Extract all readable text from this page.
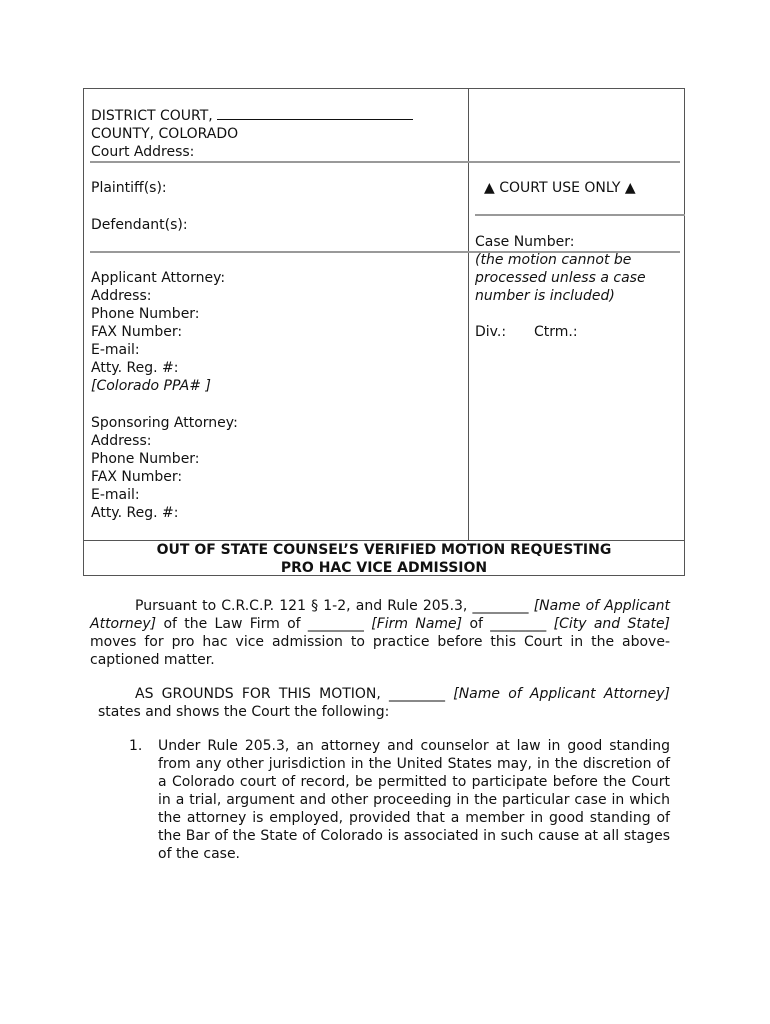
DISTRICT COURT,
COUNTY, COLORADO
Court Address:
Plaintiff(s):
Defendant(s):
Applicant Attorney:
Address:
Phone Number:
FAX Number:
E-mail:
Atty. Reg. #:
[Colorado PPA# ]
Sponsoring Attorney:
Address:
Phone Number:
FAX Number:
E-mail:
Atty. Reg. #:
▲ COURT USE ONLY ▲
Case Number:
(the motion cannot be
processed unless a case
number is included)
Div.: Ctrm.:
OUT OF STATE COUNSEL’S VERIFIED MOTION REQUESTING
PRO HAC VICE ADMISSION

Pursuant to C.R.C.P. 121 § 1-2, and Rule 205.3, ________ [Name of Applicant Attorney] of the Law Firm of ________ [Firm Name] of ________ [City and State] moves for pro hac vice admission to practice before this Court in the above-captioned matter.

AS GROUNDS FOR THIS MOTION, ________ [Name of Applicant Attorney] states and shows the Court the following:

1. Under Rule 205.3, an attorney and counselor at law in good standing from any other jurisdiction in the United States may, in the discretion of a Colorado court of record, be permitted to participate before the Court in a trial, argument and other proceeding in the particular case in which the attorney is employed, provided that a member in good standing of the Bar of the State of Colorado is associated in such cause at all stages of the case.
